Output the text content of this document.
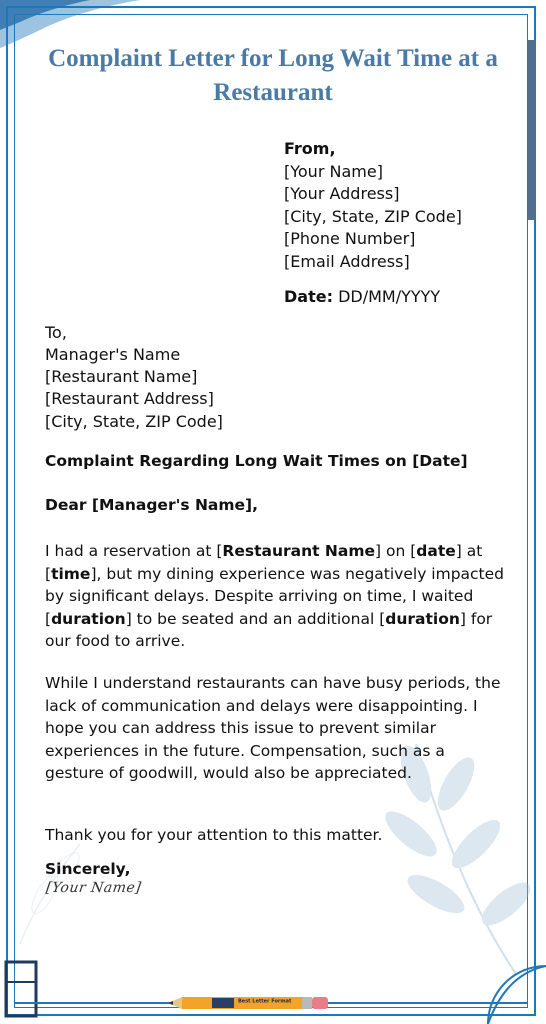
Complaint Letter for Long Wait Time at a Restaurant
From,
[Your Name]
[Your Address]
[City, State, ZIP Code]
[Phone Number]
[Email Address]
Date: DD/MM/YYYY
To,
Manager's Name
[Restaurant Name]
[Restaurant Address]
[City, State, ZIP Code]
Complaint Regarding Long Wait Times on [Date]
Dear [Manager's Name],
I had a reservation at [Restaurant Name] on [date] at [time], but my dining experience was negatively impacted by significant delays. Despite arriving on time, I waited [duration] to be seated and an additional [duration] for our food to arrive.
While I understand restaurants can have busy periods, the lack of communication and delays were disappointing. I hope you can address this issue to prevent similar experiences in the future. Compensation, such as a gesture of goodwill, would also be appreciated.
Thank you for your attention to this matter.
Sincerely,
[Your Name]
Best Letter Format
